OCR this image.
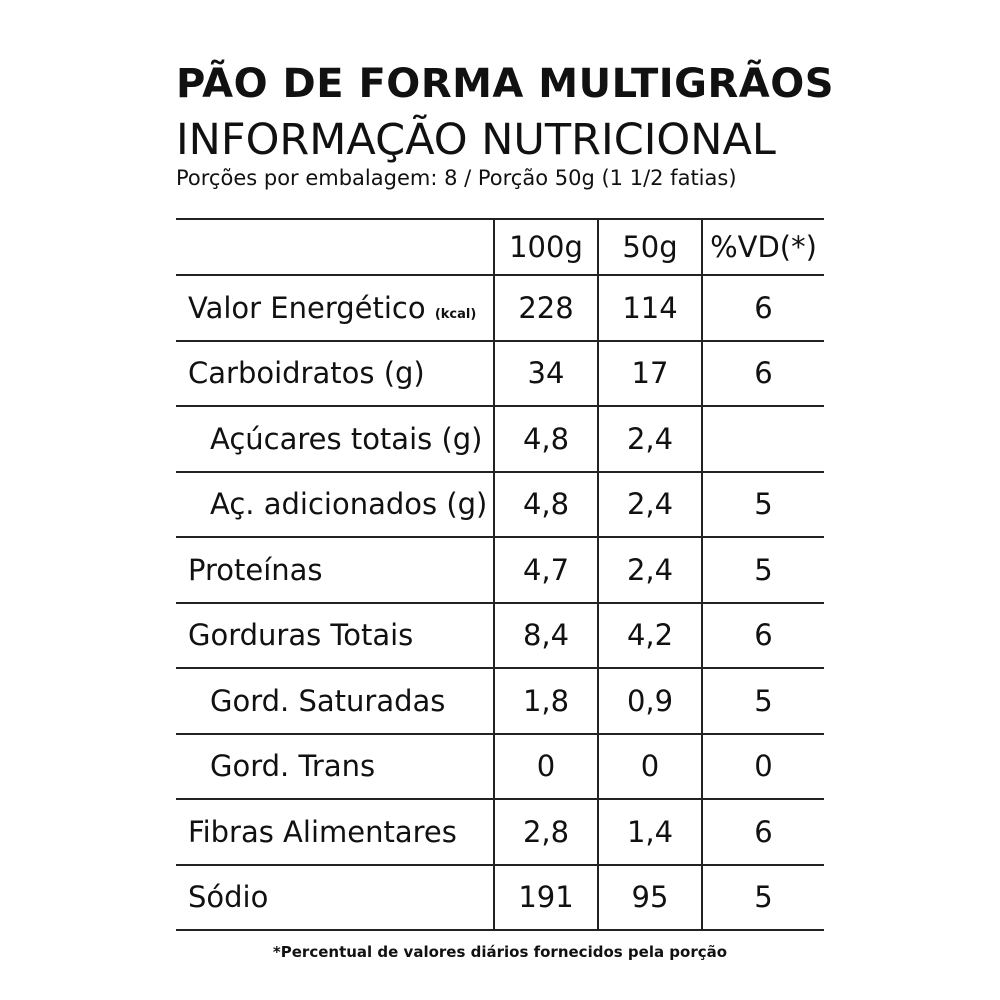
PÃO DE FORMA MULTIGRÃOS
INFORMAÇÃO NUTRICIONAL
Porções por embalagem: 8 / Porção 50g (1 1/2 fatias)
	100g	50g	%VD(*)
Valor Energético (kcal)	228	114	6
Carboidratos (g)	34	17	6
Açúcares totais (g)	4,8	2,4	
Aç. adicionados (g)	4,8	2,4	5
Proteínas	4,7	2,4	5
Gorduras Totais	8,4	4,2	6
Gord. Saturadas	1,8	0,9	5
Gord. Trans	0	0	0
Fibras Alimentares	2,8	1,4	6
Sódio	191	95	5
*Percentual de valores diários fornecidos pela porção
